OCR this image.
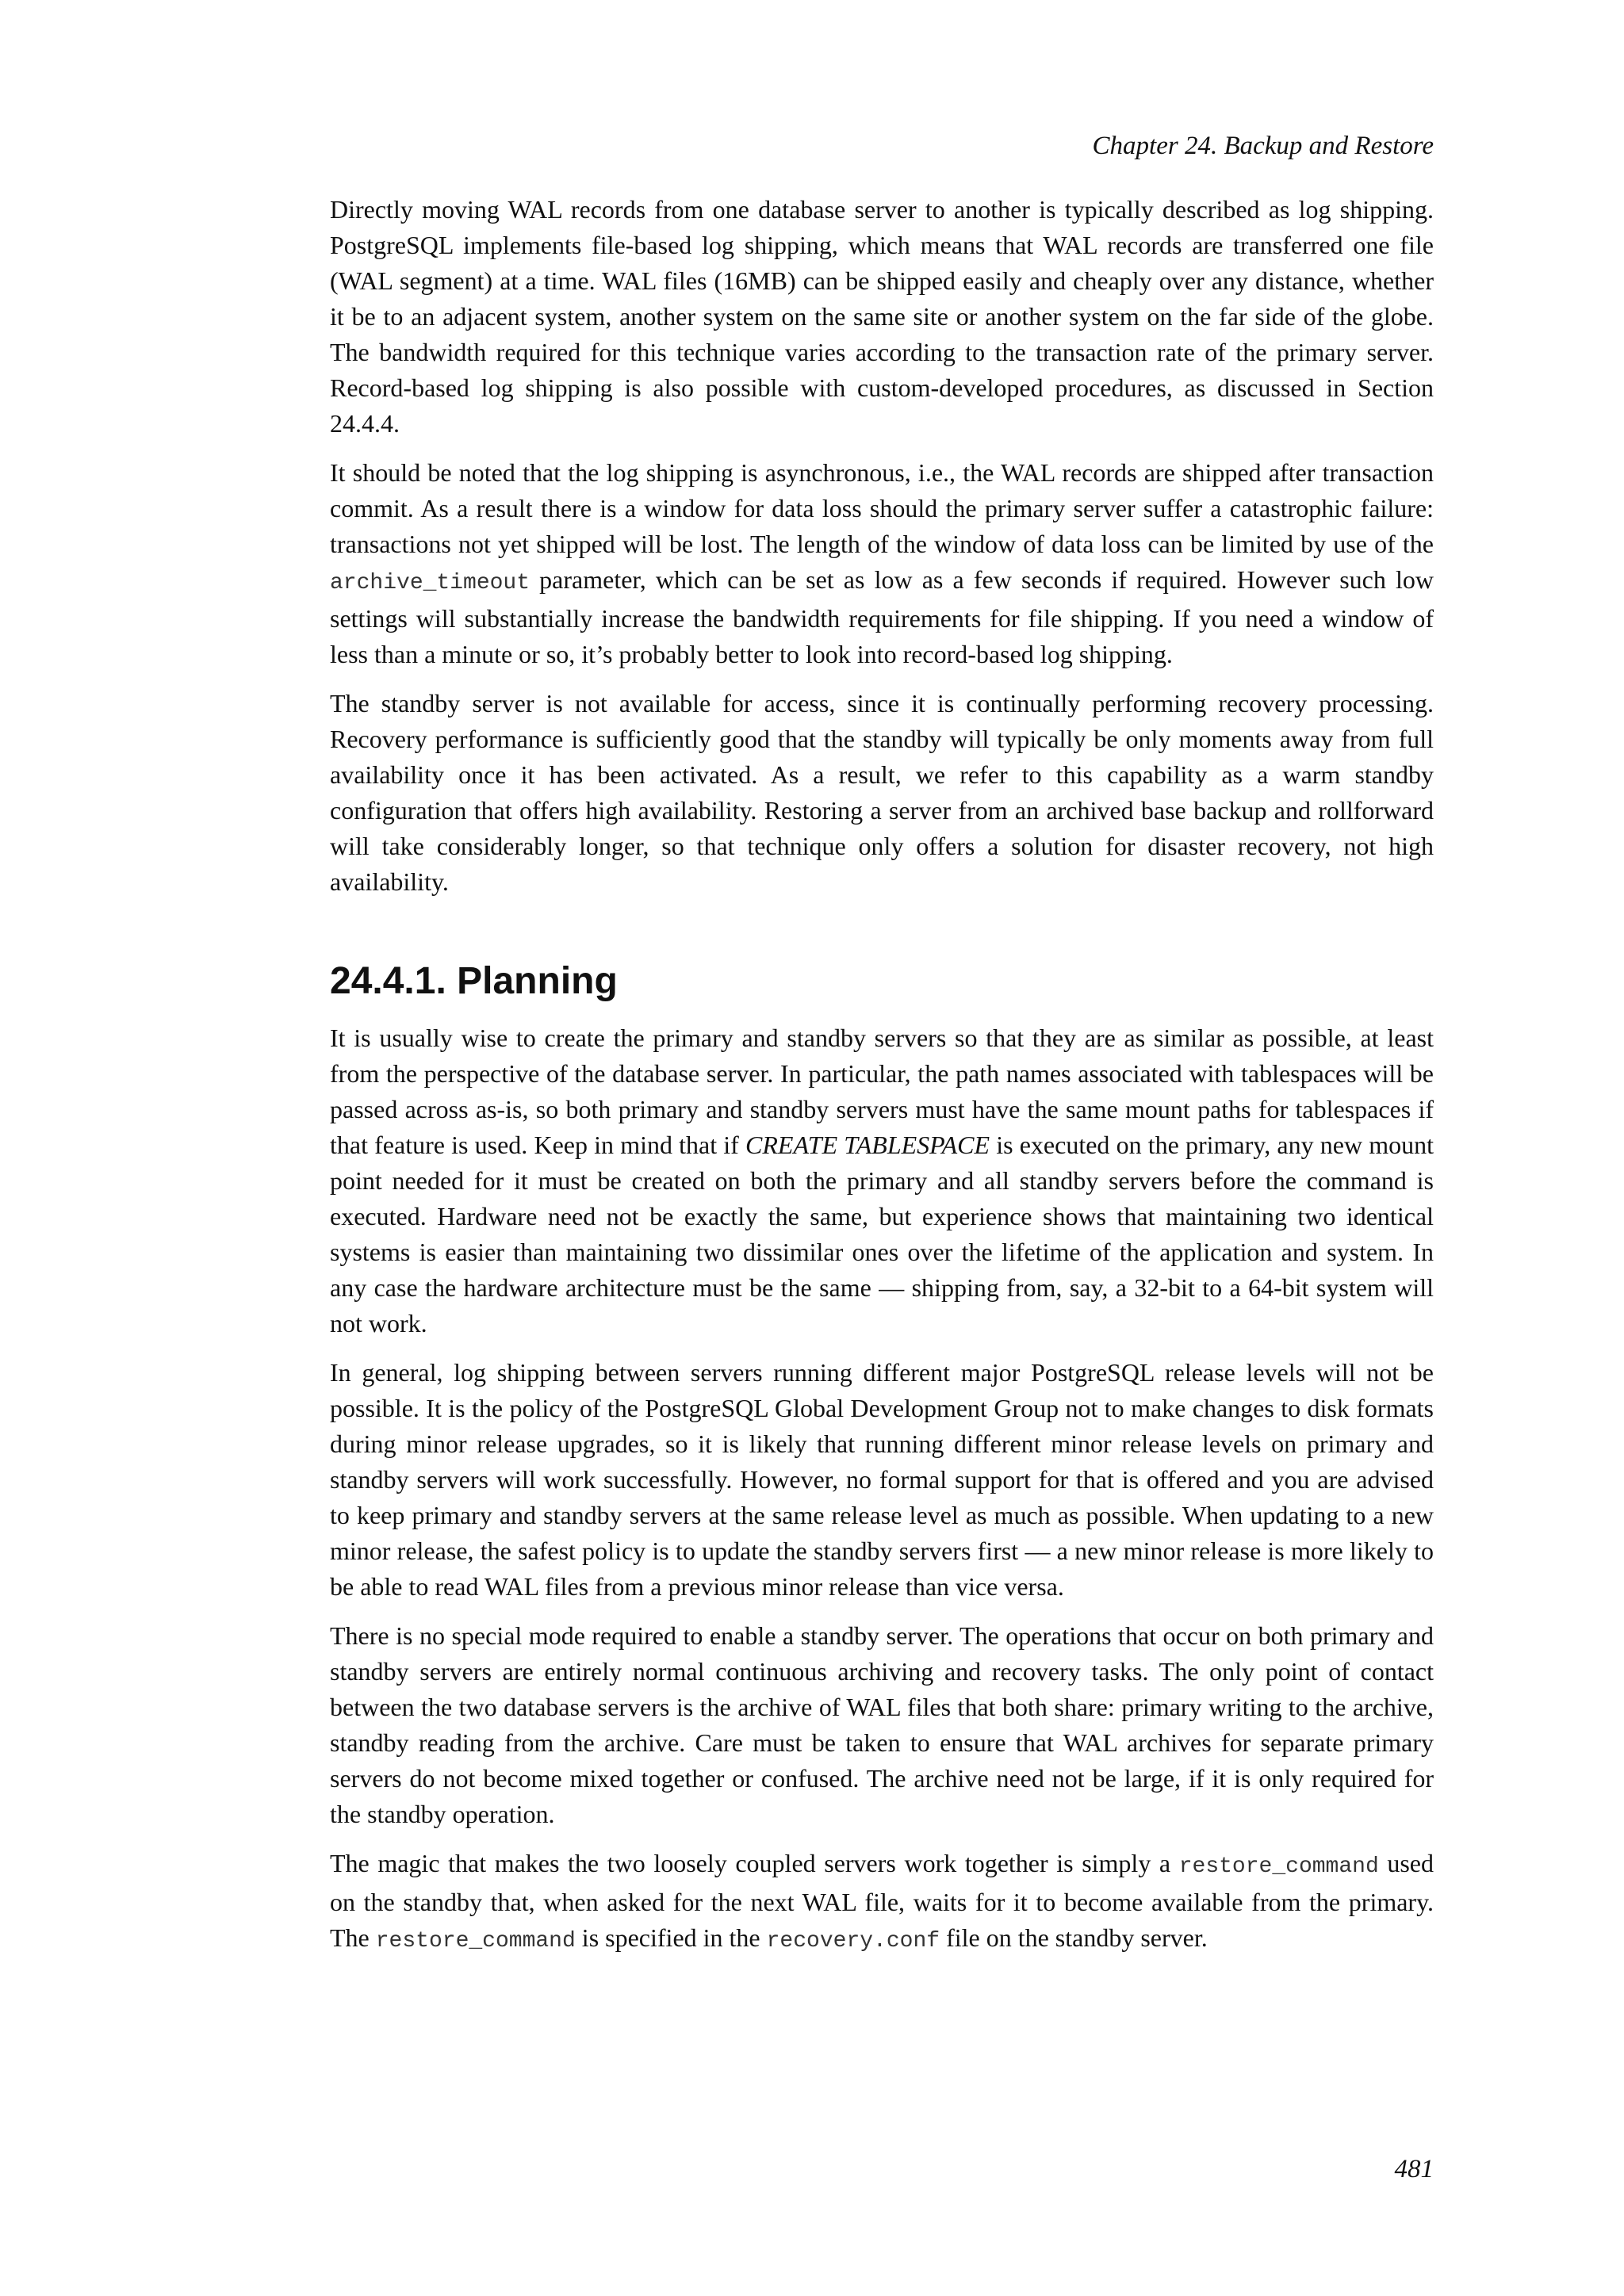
Chapter 24. Backup and Restore

Directly moving WAL records from one database server to another is typically described as log shipping. PostgreSQL implements file-based log shipping, which means that WAL records are transferred one file (WAL segment) at a time. WAL files (16MB) can be shipped easily and cheaply over any distance, whether it be to an adjacent system, another system on the same site or another system on the far side of the globe. The bandwidth required for this technique varies according to the transaction rate of the primary server. Record-based log shipping is also possible with custom-developed procedures, as discussed in Section 24.4.4.

It should be noted that the log shipping is asynchronous, i.e., the WAL records are shipped after transaction commit. As a result there is a window for data loss should the primary server suffer a catastrophic failure: transactions not yet shipped will be lost. The length of the window of data loss can be limited by use of the archive_timeout parameter, which can be set as low as a few seconds if required. However such low settings will substantially increase the bandwidth requirements for file shipping. If you need a window of less than a minute or so, it’s probably better to look into record-based log shipping.

The standby server is not available for access, since it is continually performing recovery processing. Recovery performance is sufficiently good that the standby will typically be only moments away from full availability once it has been activated. As a result, we refer to this capability as a warm standby configuration that offers high availability. Restoring a server from an archived base backup and rollforward will take considerably longer, so that technique only offers a solution for disaster recovery, not high availability.

24.4.1. Planning

It is usually wise to create the primary and standby servers so that they are as similar as possible, at least from the perspective of the database server. In particular, the path names associated with tablespaces will be passed across as-is, so both primary and standby servers must have the same mount paths for tablespaces if that feature is used. Keep in mind that if CREATE TABLESPACE is executed on the primary, any new mount point needed for it must be created on both the primary and all standby servers before the command is executed. Hardware need not be exactly the same, but experience shows that maintaining two identical systems is easier than maintaining two dissimilar ones over the lifetime of the application and system. In any case the hardware architecture must be the same — shipping from, say, a 32-bit to a 64-bit system will not work.

In general, log shipping between servers running different major PostgreSQL release levels will not be possible. It is the policy of the PostgreSQL Global Development Group not to make changes to disk formats during minor release upgrades, so it is likely that running different minor release levels on primary and standby servers will work successfully. However, no formal support for that is offered and you are advised to keep primary and standby servers at the same release level as much as possible. When updating to a new minor release, the safest policy is to update the standby servers first — a new minor release is more likely to be able to read WAL files from a previous minor release than vice versa.

There is no special mode required to enable a standby server. The operations that occur on both primary and standby servers are entirely normal continuous archiving and recovery tasks. The only point of contact between the two database servers is the archive of WAL files that both share: primary writing to the archive, standby reading from the archive. Care must be taken to ensure that WAL archives for separate primary servers do not become mixed together or confused. The archive need not be large, if it is only required for the standby operation.

The magic that makes the two loosely coupled servers work together is simply a restore_command used on the standby that, when asked for the next WAL file, waits for it to become available from the primary. The restore_command is specified in the recovery.conf file on the standby server.

481
